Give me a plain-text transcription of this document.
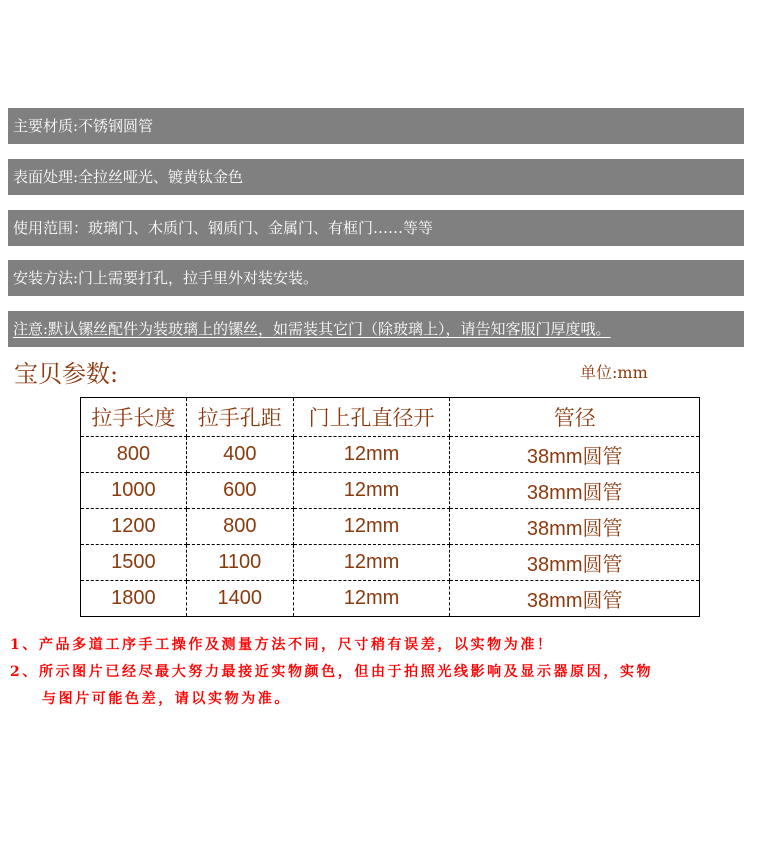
主要材质:不锈钢圆管
表面处理:全拉丝哑光、镀黄钛金色
使用范围：玻璃门、木质门、钢质门、金属门、有框门……等等
安装方法:门上需要打孔，拉手里外对装安装。
注意:默认镙丝配件为装玻璃上的镙丝，如需装其它门（除玻璃上），请告知客服门厚度哦。
宝贝参数:	单位:mm
拉手长度	拉手孔距	门上孔直径开	管径
800	400	12mm	38mm圆管
1000	600	12mm	38mm圆管
1200	800	12mm	38mm圆管
1500	1100	12mm	38mm圆管
1800	1400	12mm	38mm圆管
1、产品多道工序手工操作及测量方法不同，尺寸稍有误差，以实物为准！
2、所示图片已经尽最大努力最接近实物颜色，但由于拍照光线影响及显示器原因，实物
与图片可能色差，请以实物为准。
